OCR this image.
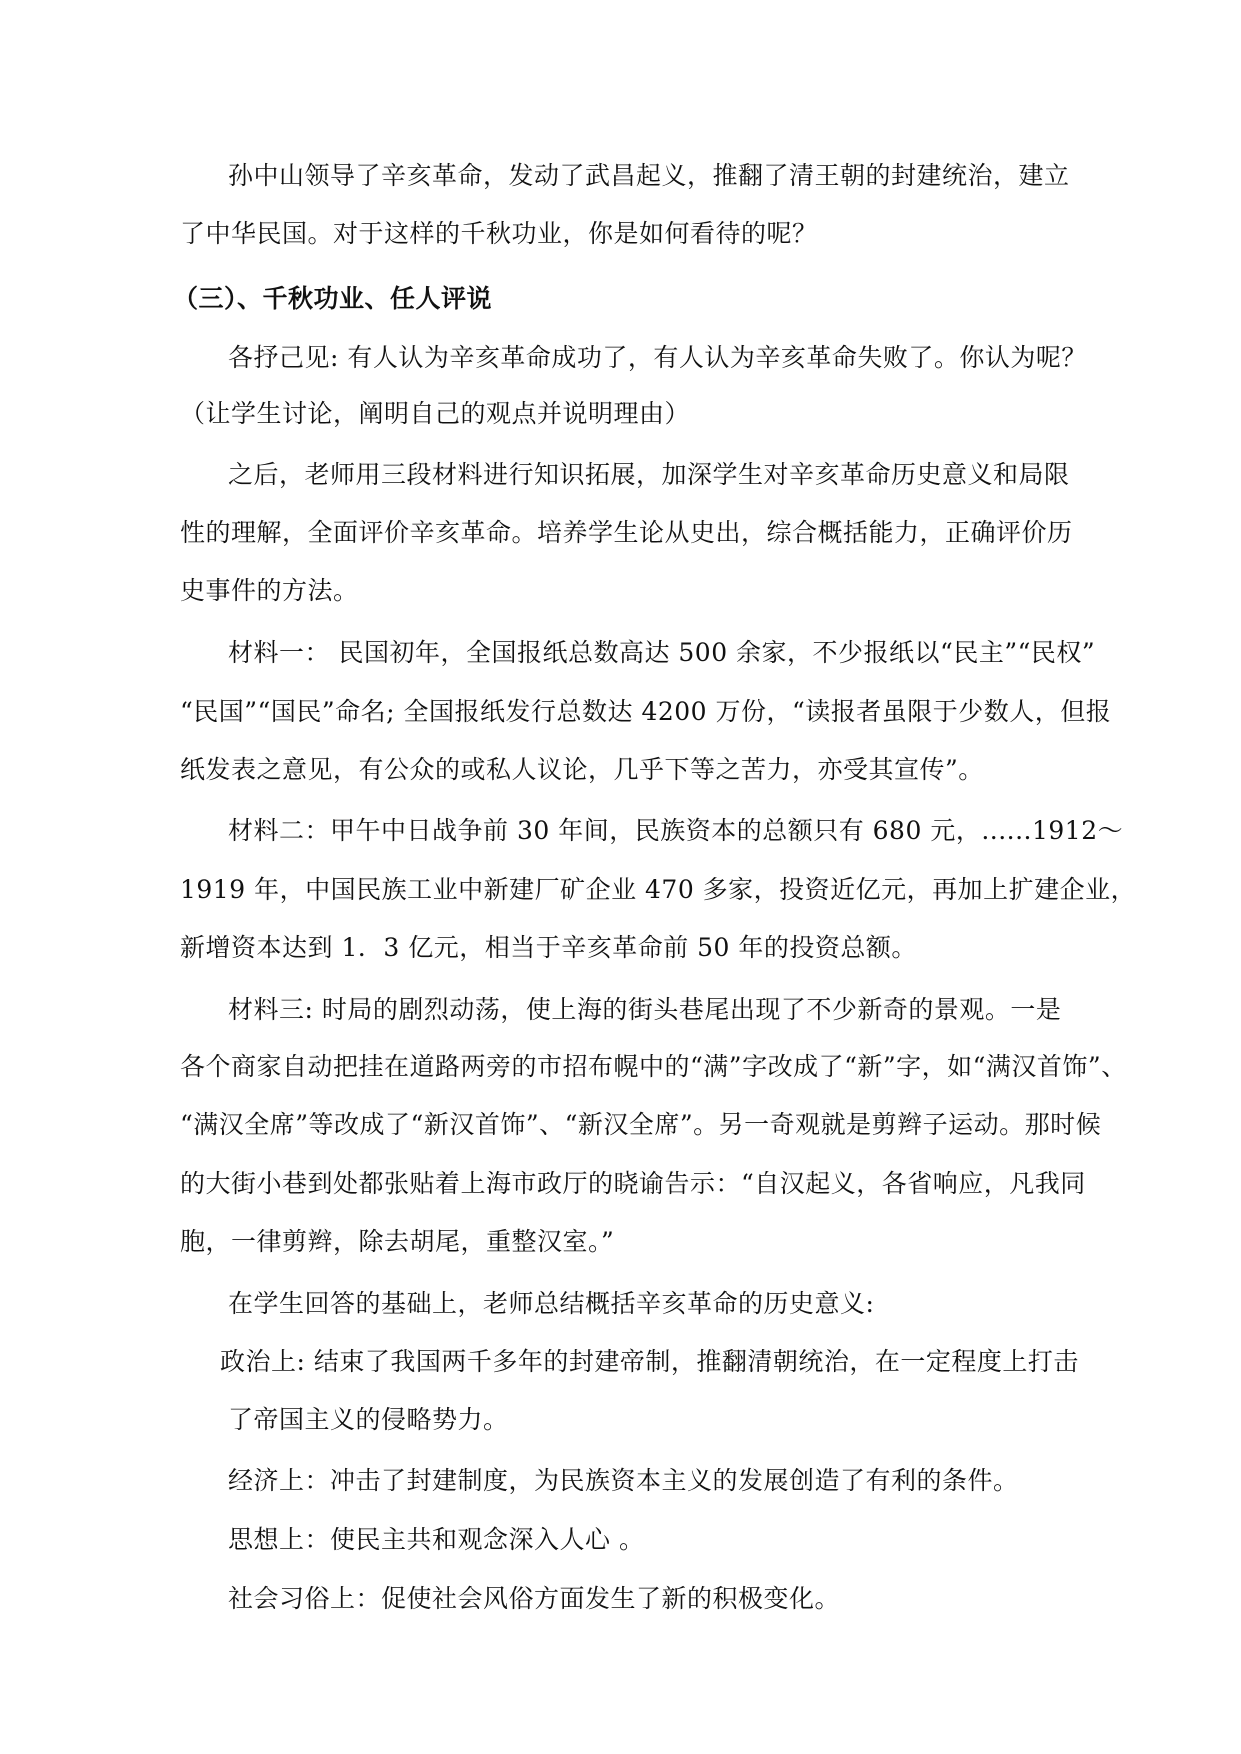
孙中山领导了辛亥革命，发动了武昌起义，推翻了清王朝的封建统治，建立
了中华民国。对于这样的千秋功业，你是如何看待的呢？
（三）、千秋功业、任人评说
各抒己见: 有人认为辛亥革命成功了，有人认为辛亥革命失败了。你认为呢？
（让学生讨论，阐明自己的观点并说明理由）
之后，老师用三段材料进行知识拓展，加深学生对辛亥革命历史意义和局限
性的理解，全面评价辛亥革命。培养学生论从史出，综合概括能力，正确评价历
史事件的方法。
材料一： 民国初年，全国报纸总数高达 500 余家，不少报纸以“民主”“民权”
“民国”“国民”命名; 全国报纸发行总数达 4200 万份，“读报者虽限于少数人，但报
纸发表之意见，有公众的或私人议论，几乎下等之苦力，亦受其宣传”。
材料二：甲午中日战争前 30 年间，民族资本的总额只有 680 元，......1912～
1919 年，中国民族工业中新建厂矿企业 470 多家，投资近亿元，再加上扩建企业，
新增资本达到 1．3 亿元，相当于辛亥革命前 50 年的投资总额。
材料三: 时局的剧烈动荡，使上海的街头巷尾出现了不少新奇的景观。一是
各个商家自动把挂在道路两旁的市招布幌中的“满”字改成了“新”字，如“满汉首饰”、
“满汉全席”等改成了“新汉首饰”、“新汉全席”。另一奇观就是剪辫子运动。那时候
的大街小巷到处都张贴着上海市政厅的晓谕告示：“自汉起义，各省响应，凡我同
胞，一律剪辫，除去胡尾，重整汉室。”
在学生回答的基础上，老师总结概括辛亥革命的历史意义:
政治上: 结束了我国两千多年的封建帝制，推翻清朝统治，在一定程度上打击
了帝国主义的侵略势力。
经济上：冲击了封建制度，为民族资本主义的发展创造了有利的条件。
思想上：使民主共和观念深入人心 。
社会习俗上：促使社会风俗方面发生了新的积极变化。
